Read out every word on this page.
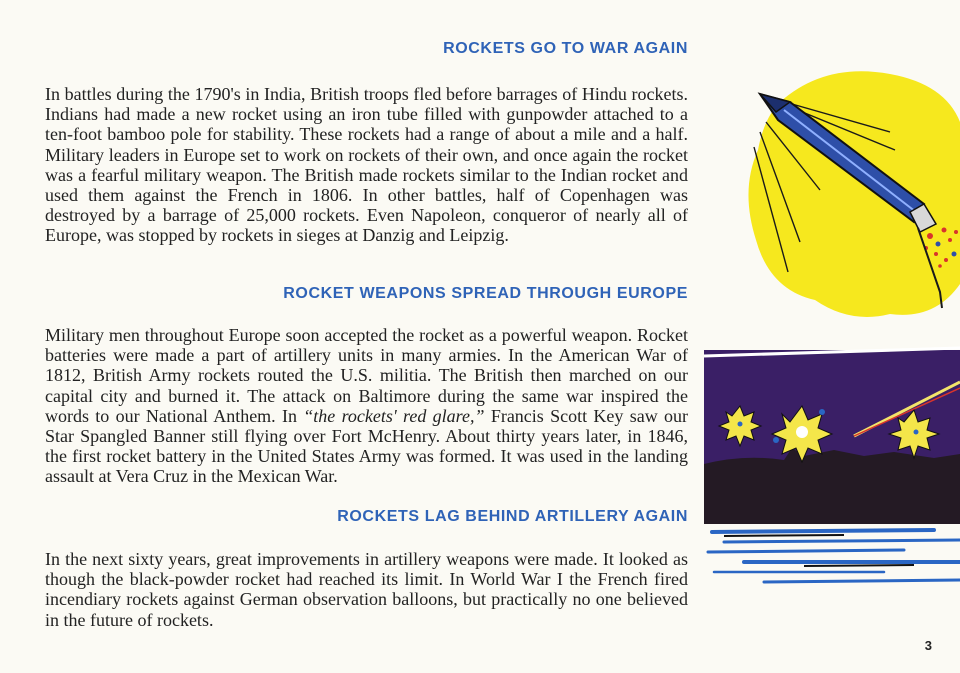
ROCKETS GO TO WAR AGAIN

In battles during the 1790's in India, British troops fled before barrages of Hindu rockets. Indians had made a new rocket using an iron tube filled with gunpowder attached to a ten-foot bamboo pole for stability. These rockets had a range of about a mile and a half. Military leaders in Europe set to work on rockets of their own, and once again the rocket was a fearful military weapon. The British made rockets similar to the Indian rocket and used them against the French in 1806. In other battles, half of Copenhagen was destroyed by a barrage of 25,000 rockets. Even Napoleon, conqueror of nearly all of Europe, was stopped by rockets in sieges at Danzig and Leipzig.

ROCKET WEAPONS SPREAD THROUGH EUROPE

Military men throughout Europe soon accepted the rocket as a powerful weapon. Rocket batteries were made a part of artillery units in many armies. In the American War of 1812, British Army rockets routed the U.S. militia. The British then marched on our capital city and burned it. The attack on Baltimore during the same war inspired the words to our National Anthem. In “the rockets' red glare,” Francis Scott Key saw our Star Spangled Banner still flying over Fort McHenry. About thirty years later, in 1846, the first rocket battery in the United States Army was formed. It was used in the landing assault at Vera Cruz in the Mexican War.

ROCKETS LAG BEHIND ARTILLERY AGAIN

In the next sixty years, great improvements in artillery weapons were made. It looked as though the black-powder rocket had reached its limit. In World War I the French fired incendiary rockets against German observation balloons, but practically no one believed in the future of rockets.

3
